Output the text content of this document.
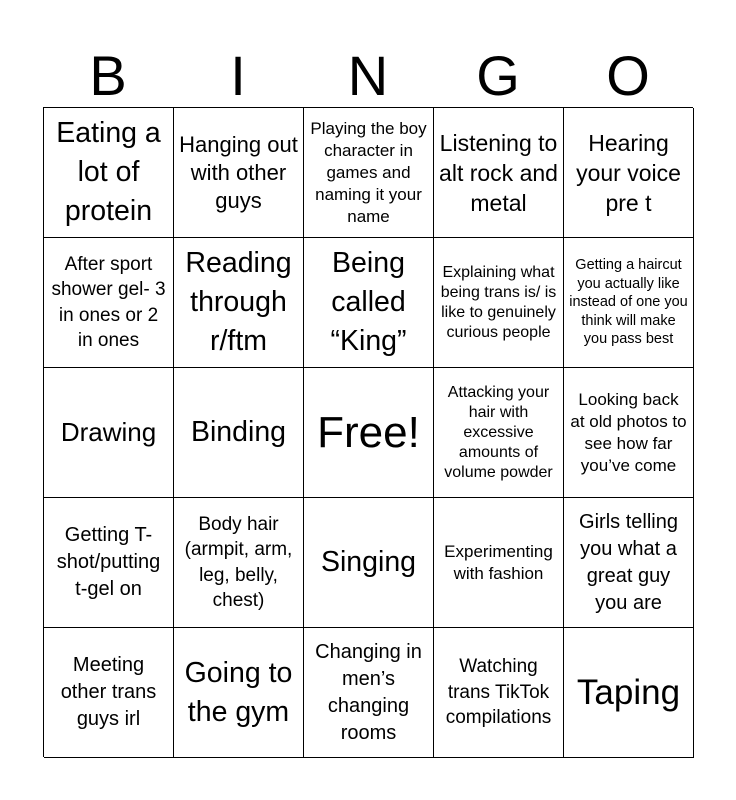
B	I	N	G	O
Eating a lot of protein
Hanging out with other guys
Playing the boy character in games and naming it your name
Listening to alt rock and metal
Hearing your voice pre t
After sport shower gel- 3 in ones or 2 in ones
Reading through r/ftm
Being called “King”
Explaining what being trans is/ is like to genuinely curious people
Getting a haircut you actually like instead of one you think will make you pass best
Drawing	Binding Free!
Attacking your hair with excessive amounts of volume powder
Looking back at old photos to see how far you’ve come
Getting T-shot/putting t-gel on
Body hair (armpit, arm, leg, belly, chest)
Singing	Experimenting with fashion
Girls telling you what a great guy you are
Meeting other trans guys irl
Going to the gym
Changing in men’s changing rooms
Watching trans TikTok compilations
Taping
